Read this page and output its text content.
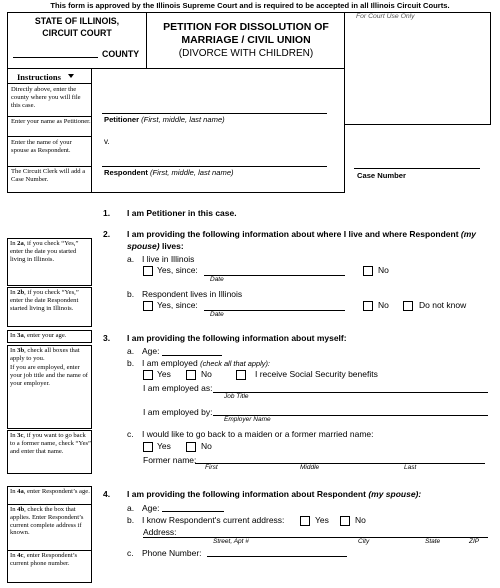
This form is approved by the Illinois Supreme Court and is required to be accepted in all Illinois Circuit Courts.
STATE OF ILLINOIS,
CIRCUIT COURT
COUNTY
PETITION FOR DISSOLUTION OF
MARRIAGE / CIVIL UNION
(DIVORCE WITH CHILDREN)
For Court Use Only
Instructions
Directly above, enter the county where you will file this case.
Enter your name as Petitioner.
Enter the name of your spouse as Respondent.
The Circuit Clerk will add a Case Number.
Petitioner (First, middle, last name)
v.
Respondent (First, middle, last name)	Case Number
1. I am Petitioner in this case.
2. I am providing the following information about where I live and where Respondent (my
spouse) lives:
a. I live in Illinois
Yes, since:
Date
No
b. Respondent lives in Illinois
Yes, since:
Date
No	Do not know
3. I am providing the following information about myself:
a. Age:
b. I am employed (check all that apply):
Yes	No	I receive Social Security benefits
I am employed as:
Job Title
I am employed by:
Employer Name
c. I would like to go back to a maiden or a former married name:
Yes	No
Former name:
First	Middle	Last
4. I am providing the following information about Respondent (my spouse):
a. Age:
b. I know Respondent's current address:	Yes	No
Address:
Street, Apt #	City	State	ZIP
c. Phone Number:
In 2a, if you check “Yes,” enter the date you started living in Illinois.
In 2b, if you check “Yes,” enter the date Respondent started living in Illinois.
In 3a, enter your age.
In 3b, check all boxes that apply to you.
If you are employed, enter your job title and the name of your employer.
In 3c, if you want to go back to a former name, check “Yes” and enter that name.
In 4a, enter Respondent’s age.
In 4b, check the box that applies. Enter Respondent’s current complete address if known.
In 4c, enter Respondent’s current phone number.
